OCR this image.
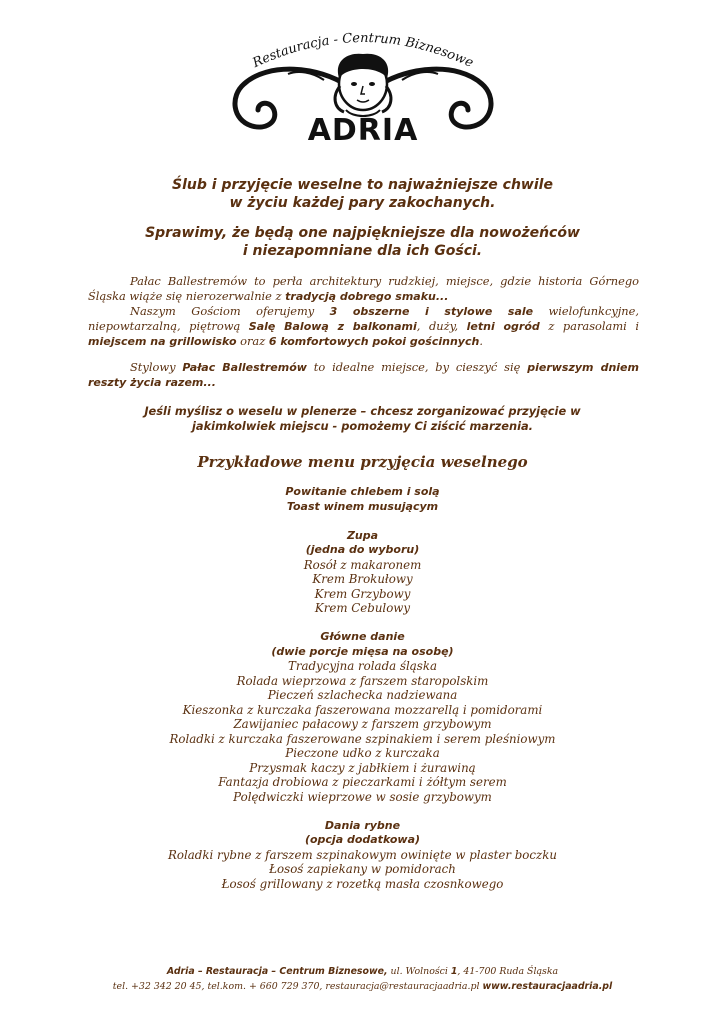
Restauracja - Centrum Biznesowe
ADRIA
Ślub i przyjęcie weselne to najważniejsze chwile
w życiu każdej pary zakochanych.
Sprawimy, że będą one najpiękniejsze dla nowożeńców
i niezapomniane dla ich Gości.
Pałac Ballestremów to perła architektury rudzkiej, miejsce, gdzie historia Górnego Śląska wiąże się nierozerwalnie z tradycją dobrego smaku...
Naszym Gościom oferujemy 3 obszerne i stylowe sale wielofunkcyjne, niepowtarzalną, piętrową Salę Balową z balkonami, duży, letni ogród z parasolami i miejscem na grillowisko oraz 6 komfortowych pokoi gościnnych.
Stylowy Pałac Ballestremów to idealne miejsce, by cieszyć się pierwszym dniem reszty życia razem...
Jeśli myślisz o weselu w plenerze – chcesz zorganizować przyjęcie w
jakimkolwiek miejscu - pomożemy Ci ziścić marzenia.
Przykładowe menu przyjęcia weselnego
Powitanie chlebem i solą
Toast winem musującym
Zupa
(jedna do wyboru)
Rosół z makaronem
Krem Brokułowy
Krem Grzybowy
Krem Cebulowy
Główne danie
(dwie porcje mięsa na osobę)
Tradycyjna rolada śląska
Rolada wieprzowa z farszem staropolskim
Pieczeń szlachecka nadziewana
Kieszonka z kurczaka faszerowana mozzarellą i pomidorami
Zawijaniec pałacowy z farszem grzybowym
Roladki z kurczaka faszerowane szpinakiem i serem pleśniowym
Pieczone udko z kurczaka
Przysmak kaczy z jabłkiem i żurawiną
Fantazja drobiowa z pieczarkami i żółtym serem
Polędwiczki wieprzowe w sosie grzybowym
Dania rybne
(opcja dodatkowa)
Roladki rybne z farszem szpinakowym owinięte w plaster boczku
Łosoś zapiekany w pomidorach
Łosoś grillowany z rozetką masła czosnkowego
Adria – Restauracja – Centrum Biznesowe, ul. Wolności 1, 41-700 Ruda Śląska
tel. +32 342 20 45, tel.kom. + 660 729 370, restauracja@restauracjaadria.pl www.restauracjaadria.pl
